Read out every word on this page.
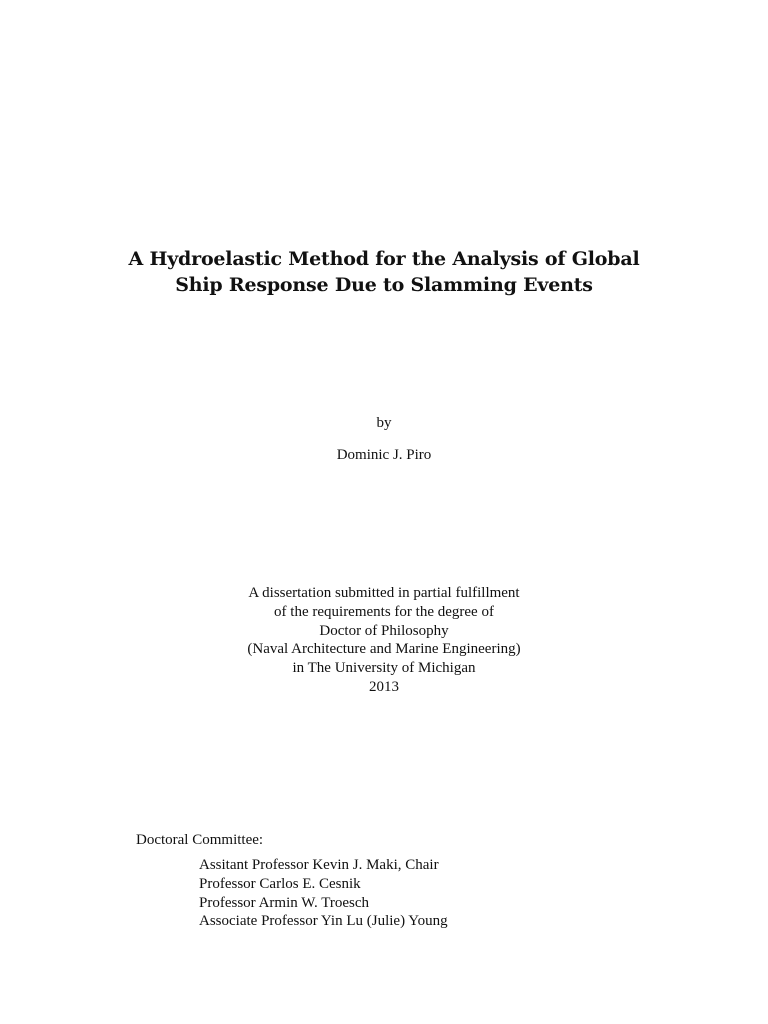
A Hydroelastic Method for the Analysis of Global
Ship Response Due to Slamming Events
by
Dominic J. Piro
A dissertation submitted in partial fulfillment
of the requirements for the degree of
Doctor of Philosophy
(Naval Architecture and Marine Engineering)
in The University of Michigan
2013
Doctoral Committee:
Assitant Professor Kevin J. Maki, Chair
Professor Carlos E. Cesnik
Professor Armin W. Troesch
Associate Professor Yin Lu (Julie) Young
